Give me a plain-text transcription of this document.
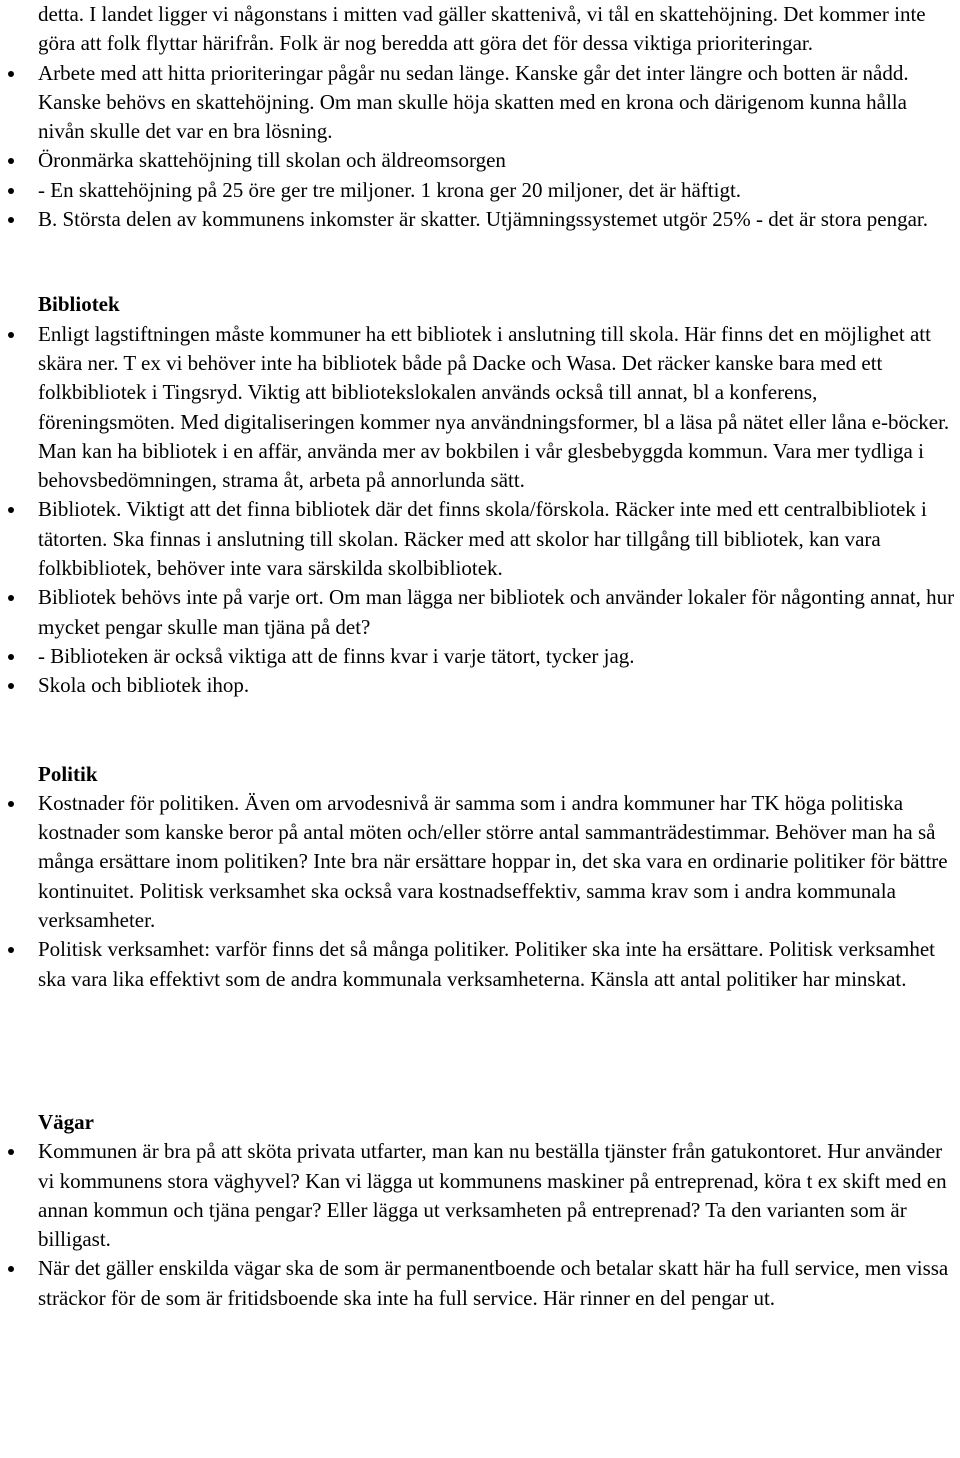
detta. I landet ligger vi någonstans i mitten vad gäller skattenivå, vi tål en skattehöjning. Det kommer inte göra att folk flyttar härifrån. Folk är nog beredda att göra det för dessa viktiga prioriteringar.

Arbete med att hitta prioriteringar pågår nu sedan länge. Kanske går det inter längre och botten är nådd. Kanske behövs en skattehöjning. Om man skulle höja skatten med en krona och därigenom kunna hålla nivån skulle det var en bra lösning.

Öronmärka skattehöjning till skolan och äldreomsorgen

- En skattehöjning på 25 öre ger tre miljoner. 1 krona ger 20 miljoner, det är häftigt.

B. Största delen av kommunens inkomster är skatter. Utjämningssystemet utgör 25% - det är stora pengar.

Bibliotek

Enligt lagstiftningen måste kommuner ha ett bibliotek i anslutning till skola. Här finns det en möjlighet att skära ner. T ex vi behöver inte ha bibliotek både på Dacke och Wasa. Det räcker kanske bara med ett folkbibliotek i Tingsryd. Viktig att bibliotekslokalen används också till annat, bl a konferens, föreningsmöten. Med digitaliseringen kommer nya användningsformer, bl a läsa på nätet eller låna e-böcker. Man kan ha bibliotek i en affär, använda mer av bokbilen i vår glesbebyggda kommun. Vara mer tydliga i behovsbedömningen, strama åt, arbeta på annorlunda sätt.

Bibliotek. Viktigt att det finna bibliotek där det finns skola/förskola. Räcker inte med ett centralbibliotek i tätorten. Ska finnas i anslutning till skolan. Räcker med att skolor har tillgång till bibliotek, kan vara folkbibliotek, behöver inte vara särskilda skolbibliotek.

Bibliotek behövs inte på varje ort. Om man lägga ner bibliotek och använder lokaler för någonting annat, hur mycket pengar skulle man tjäna på det?

- Biblioteken är också viktiga att de finns kvar i varje tätort, tycker jag.

Skola och bibliotek ihop.

Politik

Kostnader för politiken. Även om arvodesnivå är samma som i andra kommuner har TK höga politiska kostnader som kanske beror på antal möten och/eller större antal sammanträdestimmar. Behöver man ha så många ersättare inom politiken? Inte bra när ersättare hoppar in, det ska vara en ordinarie politiker för bättre kontinuitet. Politisk verksamhet ska också vara kostnadseffektiv, samma krav som i andra kommunala verksamheter.

Politisk verksamhet: varför finns det så många politiker. Politiker ska inte ha ersättare. Politisk verksamhet ska vara lika effektivt som de andra kommunala verksamheterna. Känsla att antal politiker har minskat.

Vägar

Kommunen är bra på att sköta privata utfarter, man kan nu beställa tjänster från gatukontoret. Hur använder vi kommunens stora väghyvel? Kan vi lägga ut kommunens maskiner på entreprenad, köra t ex skift med en annan kommun och tjäna pengar? Eller lägga ut verksamheten på entreprenad? Ta den varianten som är billigast.

När det gäller enskilda vägar ska de som är permanentboende och betalar skatt här ha full service, men vissa sträckor för de som är fritidsboende ska inte ha full service. Här rinner en del pengar ut.
